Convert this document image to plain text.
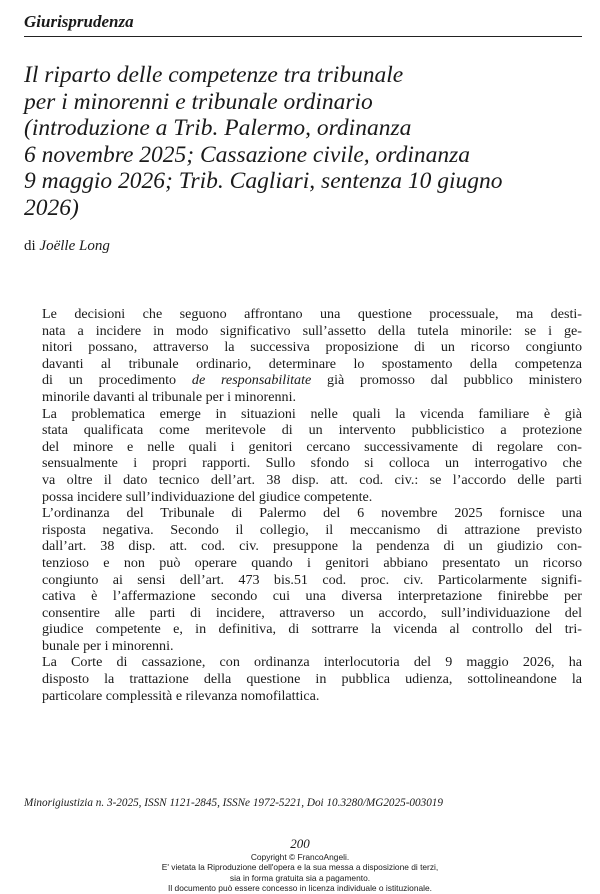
Giurisprudenza
Il riparto delle competenze tra tribunale
per i minorenni e tribunale ordinario
(introduzione a Trib. Palermo, ordinanza
6 novembre 2025; Cassazione civile, ordinanza
9 maggio 2026; Trib. Cagliari, sentenza 10 giugno
2026)
di Joëlle Long

Le decisioni che seguono affrontano una questione processuale, ma desti-
nata a incidere in modo significativo sull’assetto della tutela minorile: se i ge-
nitori possano, attraverso la successiva proposizione di un ricorso congiunto
davanti al tribunale ordinario, determinare lo spostamento della competenza
di un procedimento de responsabilitate già promosso dal pubblico ministero
minorile davanti al tribunale per i minorenni.

La problematica emerge in situazioni nelle quali la vicenda familiare è già
stata qualificata come meritevole di un intervento pubblicistico a protezione
del minore e nelle quali i genitori cercano successivamente di regolare con-
sensualmente i propri rapporti. Sullo sfondo si colloca un interrogativo che
va oltre il dato tecnico dell’art. 38 disp. att. cod. civ.: se l’accordo delle parti
possa incidere sull’individuazione del giudice competente.

L’ordinanza del Tribunale di Palermo del 6 novembre 2025 fornisce una
risposta negativa. Secondo il collegio, il meccanismo di attrazione previsto
dall’art. 38 disp. att. cod. civ. presuppone la pendenza di un giudizio con-
tenzioso e non può operare quando i genitori abbiano presentato un ricorso
congiunto ai sensi dell’art. 473 bis.51 cod. proc. civ. Particolarmente signifi-
cativa è l’affermazione secondo cui una diversa interpretazione finirebbe per
consentire alle parti di incidere, attraverso un accordo, sull’individuazione del
giudice competente e, in definitiva, di sottrarre la vicenda al controllo del tri-
bunale per i minorenni.

La Corte di cassazione, con ordinanza interlocutoria del 9 maggio 2026, ha
disposto la trattazione della questione in pubblica udienza, sottolineandone la
particolare complessità e rilevanza nomofilattica.

Minorigiustizia n. 3-2025, ISSN 1121-2845, ISSNe 1972-5221, Doi 10.3280/MG2025-003019
200
Copyright © FrancoAngeli.
E' vietata la Riproduzione dell'opera e la sua messa a disposizione di terzi,
sia in forma gratuita sia a pagamento.
Il documento può essere concesso in licenza individuale o istituzionale.
